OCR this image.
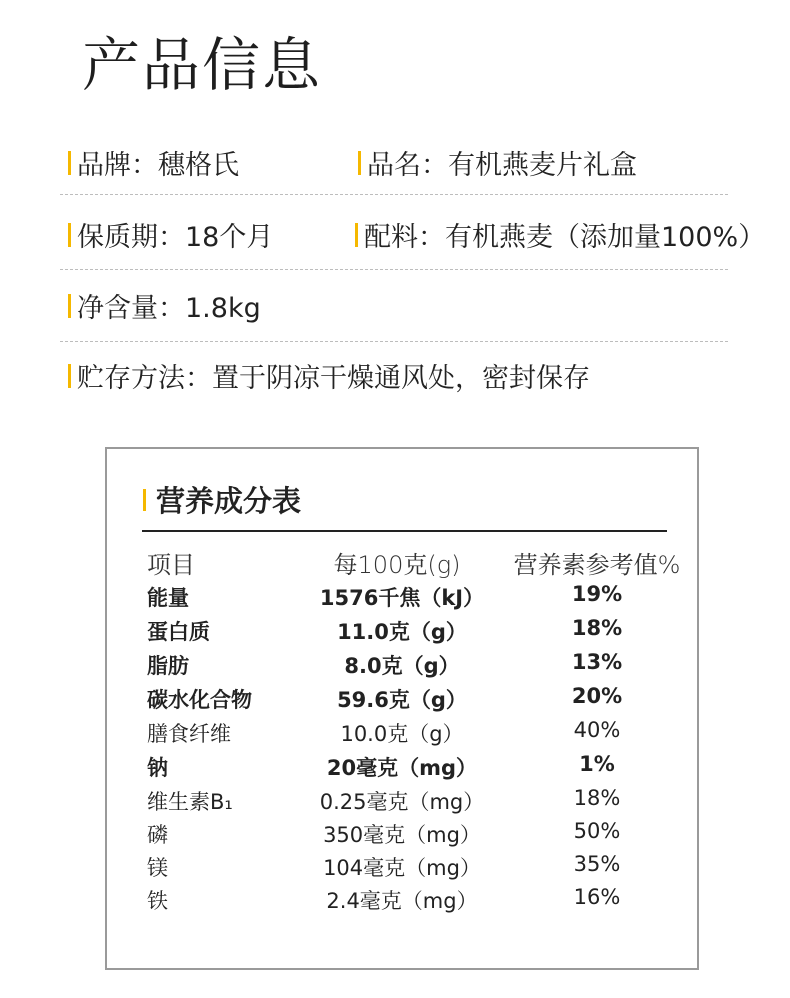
产品信息
品牌：穗格氏	品名：有机燕麦片礼盒
保质期：18个月	配料：有机燕麦（添加量100%）
净含量：1.8kg
贮存方法：置于阴凉干燥通风处，密封保存
营养成分表
项目	每100克(g)	营养素参考值%
能量	1576千焦（kJ）	19%
蛋白质	11.0克（g）	18%
脂肪	8.0克（g）	13%
碳水化合物	59.6克（g）	20%
膳食纤维	10.0克（g）	40%
钠	20毫克（mg）	1%
维生素B₁	0.25毫克（mg）	18%
磷	350毫克（mg）	50%
镁	104毫克（mg）	35%
铁	2.4毫克（mg）	16%
